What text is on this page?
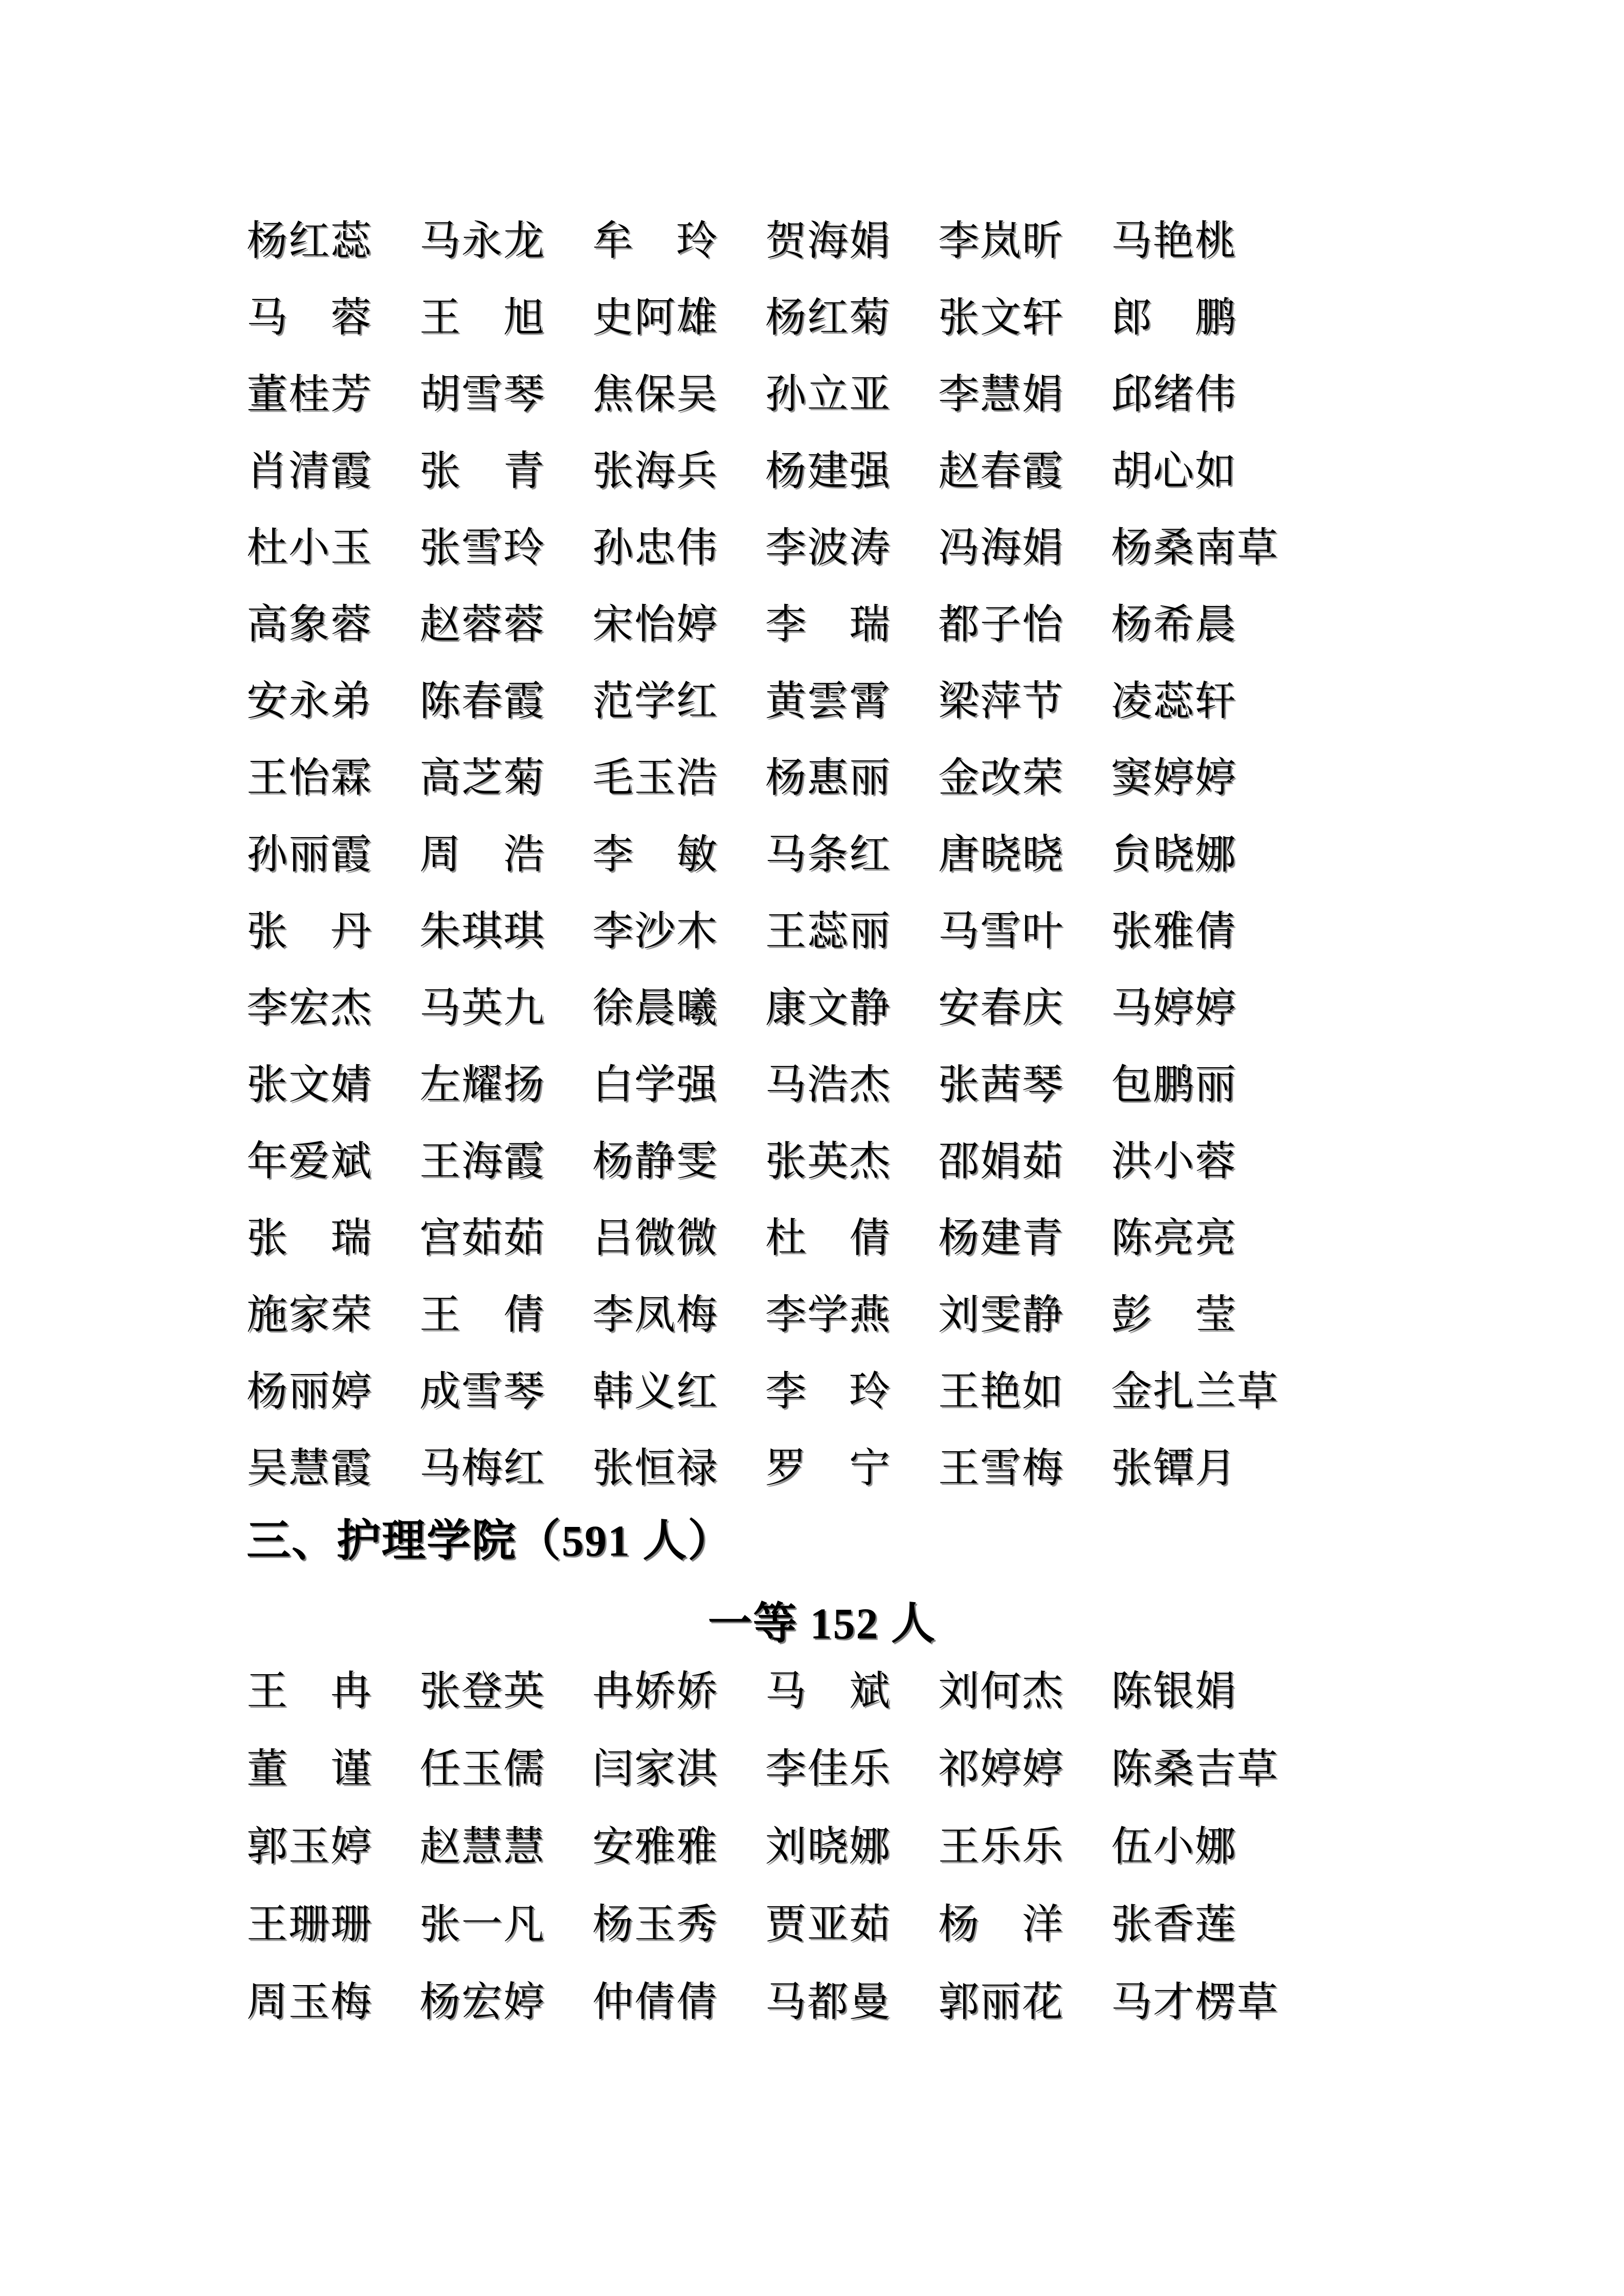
杨红蕊	马永龙	牟　玲	贺海娟	李岚昕	马艳桃
马　蓉	王　旭	史阿雄	杨红菊	张文轩	郎　鹏
董桂芳	胡雪琴	焦保吴	孙立亚	李慧娟	邱绪伟
肖清霞	张　青	张海兵	杨建强	赵春霞	胡心如
杜小玉	张雪玲	孙忠伟	李波涛	冯海娟	杨桑南草
高象蓉	赵蓉蓉	宋怡婷	李　瑞	都子怡	杨希晨
安永弟	陈春霞	范学红	黄雲霄	梁萍节	凌蕊轩
王怡霖	高芝菊	毛玉浩	杨惠丽	金改荣	窦婷婷
孙丽霞	周　浩	李　敏	马条红	唐晓晓	贠晓娜
张　丹	朱琪琪	李沙木	王蕊丽	马雪叶	张雅倩
李宏杰	马英九	徐晨曦	康文静	安春庆	马婷婷
张文婧	左耀扬	白学强	马浩杰	张茜琴	包鹏丽
年爱斌	王海霞	杨静雯	张英杰	邵娟茹	洪小蓉
张　瑞	宫茹茹	吕微微	杜　倩	杨建青	陈亮亮
施家荣	王　倩	李凤梅	李学燕	刘雯静	彭　莹
杨丽婷	成雪琴	韩义红	李　玲	王艳如	金扎兰草
吴慧霞	马梅红	张恒禄	罗　宁	王雪梅	张镡月
三、护理学院（591 人）
一等 152 人
王　冉	张登英	冉娇娇	马　斌	刘何杰	陈银娟
董　谨	任玉儒	闫家淇	李佳乐	祁婷婷	陈桑吉草
郭玉婷	赵慧慧	安雅雅	刘晓娜	王乐乐	伍小娜
王珊珊	张一凡	杨玉秀	贾亚茹	杨　洋	张香莲
周玉梅	杨宏婷	仲倩倩	马都曼	郭丽花	马才楞草
